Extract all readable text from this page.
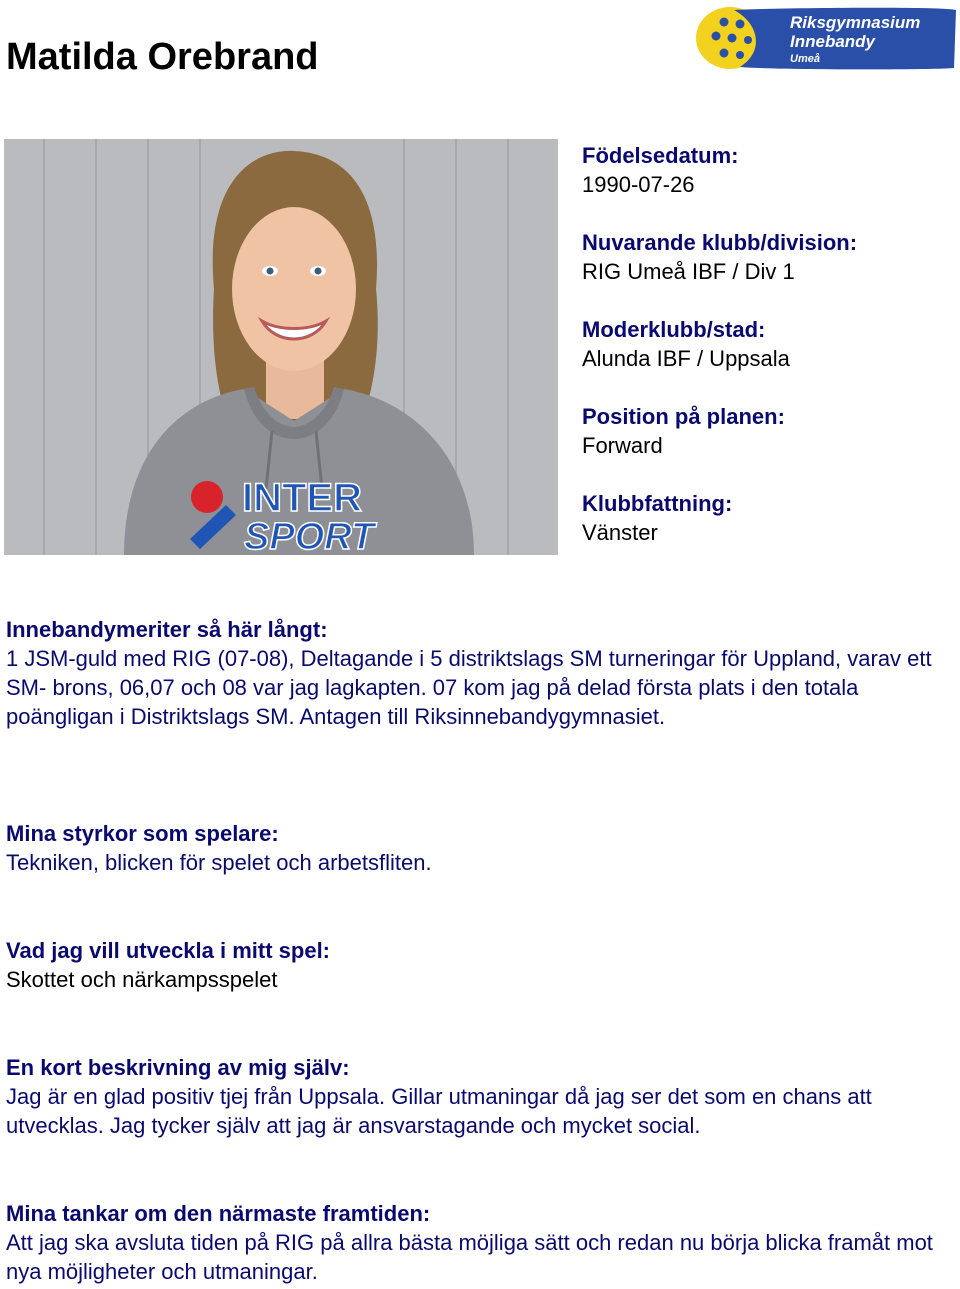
Matilda Orebrand
Riksgymnasium
Innebandy
Umeå
INTER
SPORT
Födelsedatum:
1990-07-26
Nuvarande klubb/division:
RIG Umeå IBF / Div 1
Moderklubb/stad:
Alunda IBF / Uppsala
Position på planen:
Forward
Klubbfattning:
Vänster
Innebandymeriter så här långt:

1 JSM-guld med RIG (07-08), Deltagande i 5 distriktslags SM turneringar för Uppland, varav ett SM- brons, 06,07 och 08 var jag lagkapten. 07 kom jag på delad första plats i den totala poängligan i Distriktslags SM. Antagen till Riksinnebandygymnasiet.

Mina styrkor som spelare:

Tekniken, blicken för spelet och arbetsfliten.

Vad jag vill utveckla i mitt spel:

Skottet och närkampsspelet

En kort beskrivning av mig själv:

Jag är en glad positiv tjej från Uppsala. Gillar utmaningar då jag ser det som en chans att utvecklas. Jag tycker själv att jag är ansvarstagande och mycket social.

Mina tankar om den närmaste framtiden:

Att jag ska avsluta tiden på RIG på allra bästa möjliga sätt och redan nu börja blicka framåt mot nya möjligheter och utmaningar.
